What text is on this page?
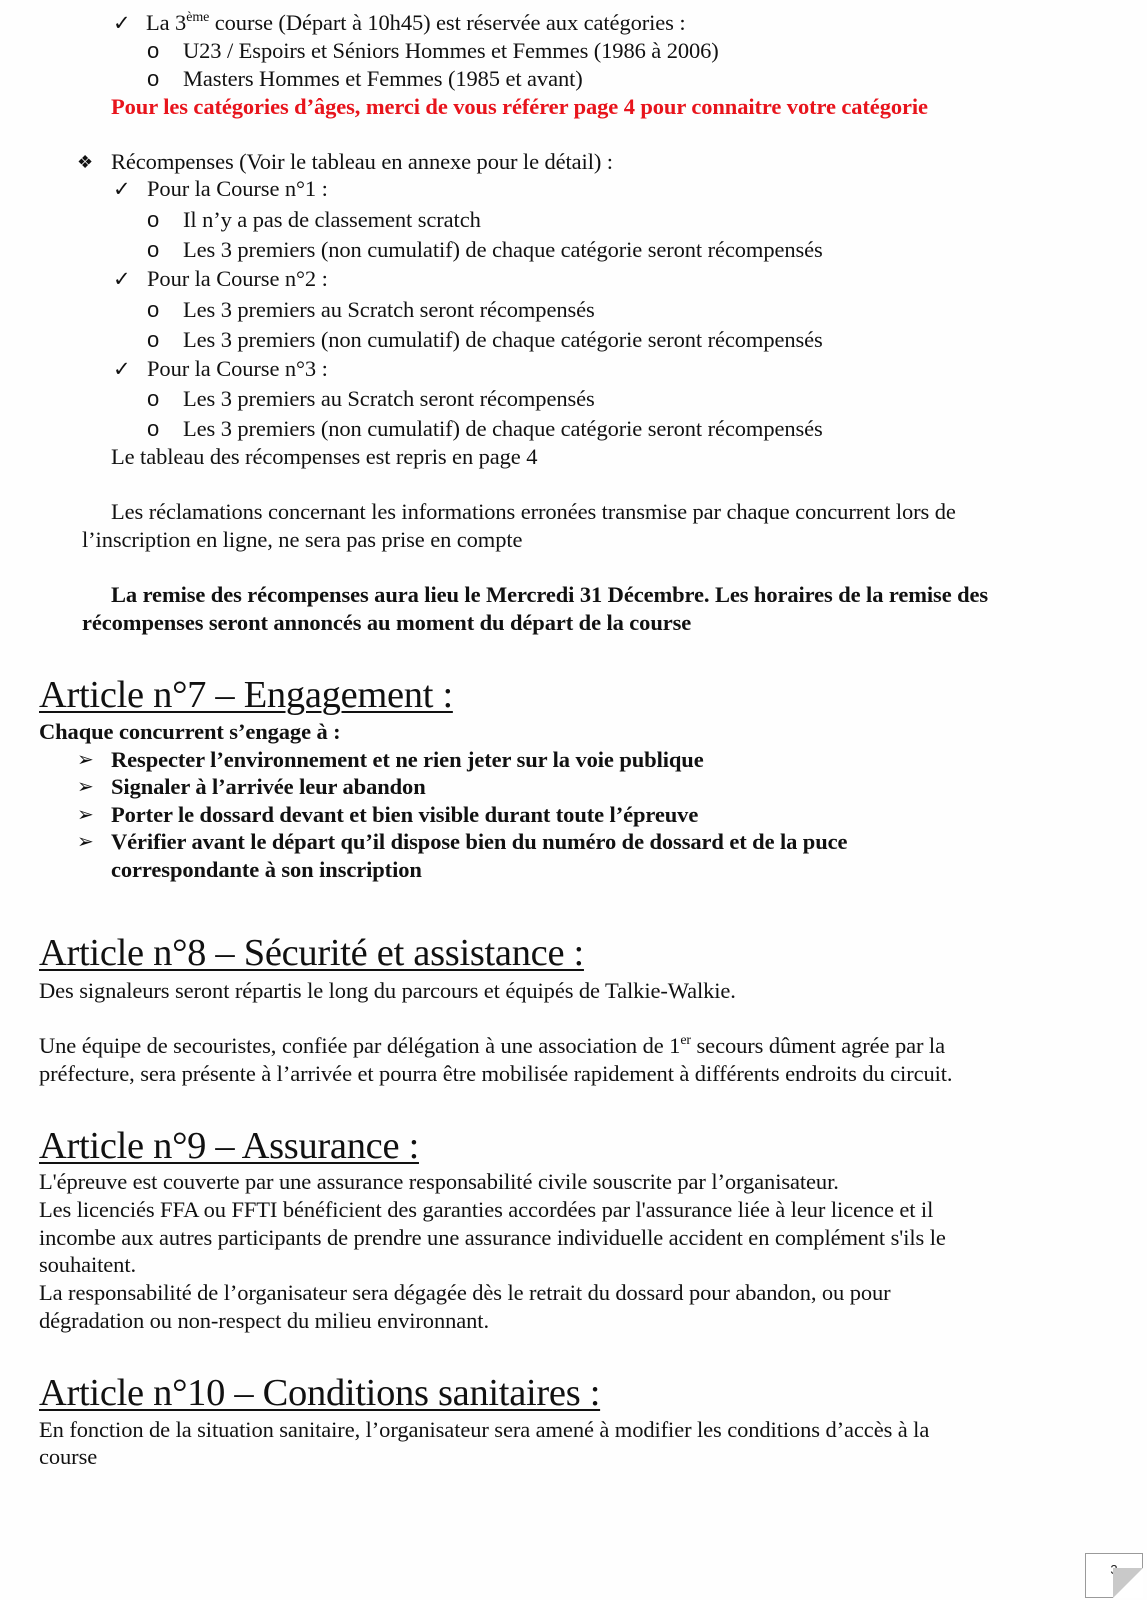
✓ La 3ème course (Départ à 10h45) est réservée aux catégories :
o U23 / Espoirs et Séniors Hommes et Femmes (1986 à 2006)
o Masters Hommes et Femmes (1985 et avant)
Pour les catégories d’âges, merci de vous référer page 4 pour connaitre votre catégorie
❖ Récompenses (Voir le tableau en annexe pour le détail) :
✓ Pour la Course n°1 :
o Il n’y a pas de classement scratch
o Les 3 premiers (non cumulatif) de chaque catégorie seront récompensés
✓ Pour la Course n°2 :
o Les 3 premiers au Scratch seront récompensés
o Les 3 premiers (non cumulatif) de chaque catégorie seront récompensés
✓ Pour la Course n°3 :
o Les 3 premiers au Scratch seront récompensés
o Les 3 premiers (non cumulatif) de chaque catégorie seront récompensés
Le tableau des récompenses est repris en page 4
Les réclamations concernant les informations erronées transmise par chaque concurrent lors de
l’inscription en ligne, ne sera pas prise en compte
La remise des récompenses aura lieu le Mercredi 31 Décembre. Les horaires de la remise des
récompenses seront annoncés au moment du départ de la course
Article n°7 – Engagement :
Chaque concurrent s’engage à :
➢ Respecter l’environnement et ne rien jeter sur la voie publique
➢ Signaler à l’arrivée leur abandon
➢ Porter le dossard devant et bien visible durant toute l’épreuve
➢ Vérifier avant le départ qu’il dispose bien du numéro de dossard et de la puce
correspondante à son inscription
Article n°8 – Sécurité et assistance :
Des signaleurs seront répartis le long du parcours et équipés de Talkie-Walkie.
Une équipe de secouristes, confiée par délégation à une association de 1er secours dûment agrée par la
préfecture, sera présente à l’arrivée et pourra être mobilisée rapidement à différents endroits du circuit.
Article n°9 – Assurance :
L'épreuve est couverte par une assurance responsabilité civile souscrite par l’organisateur.
Les licenciés FFA ou FFTI bénéficient des garanties accordées par l'assurance liée à leur licence et il
incombe aux autres participants de prendre une assurance individuelle accident en complément s'ils le
souhaitent.
La responsabilité de l’organisateur sera dégagée dès le retrait du dossard pour abandon, ou pour
dégradation ou non-respect du milieu environnant.
Article n°10 – Conditions sanitaires :
En fonction de la situation sanitaire, l’organisateur sera amené à modifier les conditions d’accès à la
course
3
